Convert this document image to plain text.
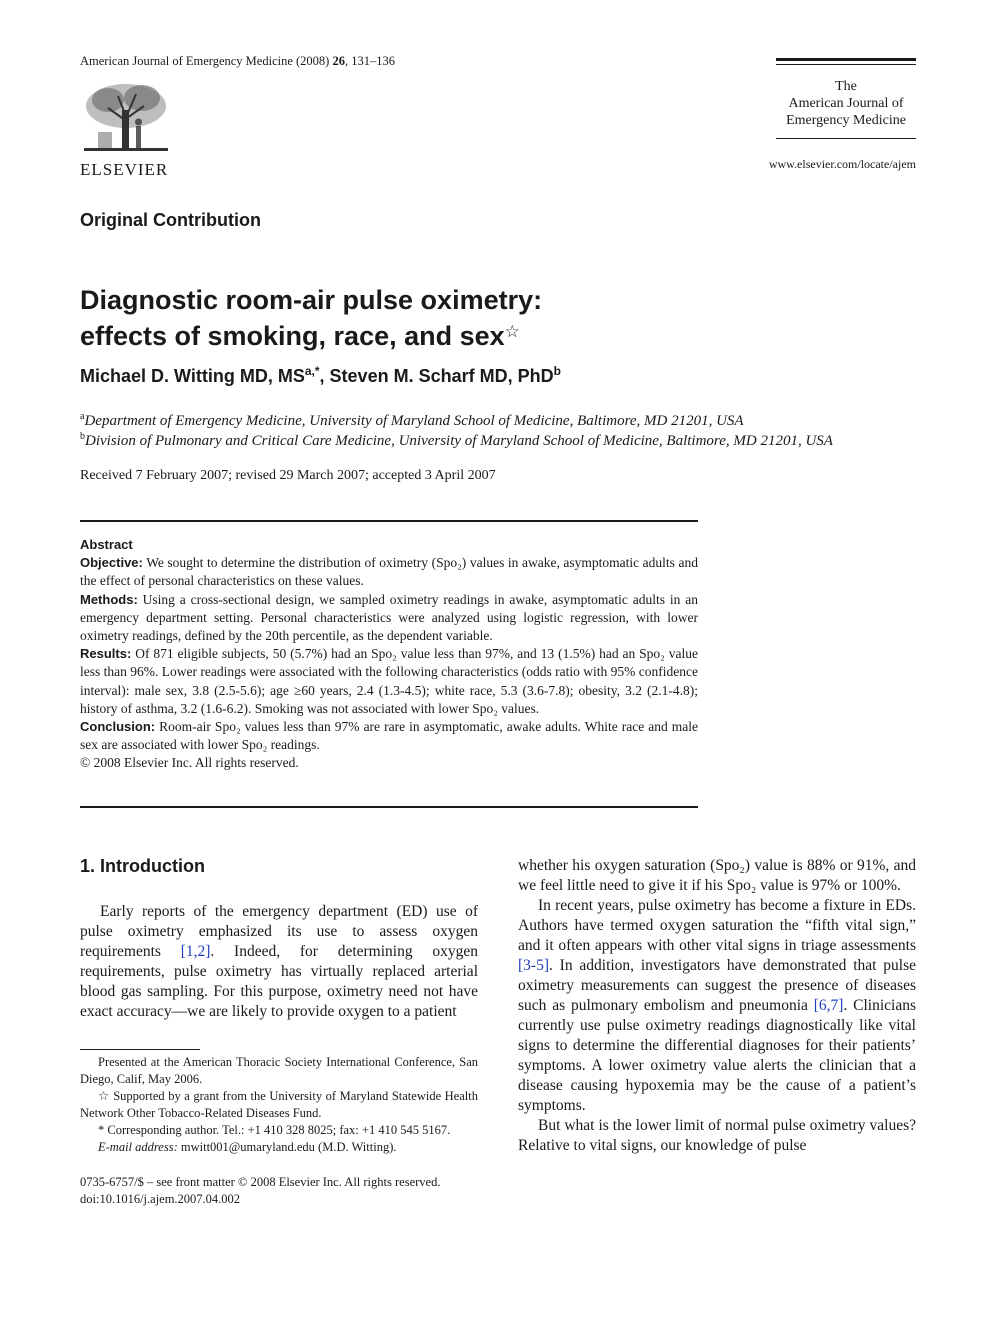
American Journal of Emergency Medicine (2008) 26, 131–136
ELSEVIER
The
American Journal of
Emergency Medicine
www.elsevier.com/locate/ajem
Original Contribution
Diagnostic room-air pulse oximetry:
effects of smoking, race, and sex☆
Michael D. Witting MD, $MS^{a,*}$, Steven M. Scharf MD, PhD$^b$
$^a$Department of Emergency Medicine, University of Maryland School of Medicine, Baltimore, MD 21201, USA
$^b$Division of Pulmonary and Critical Care Medicine, University of Maryland School of Medicine, Baltimore, MD 21201, USA
Received 7 February 2007; revised 29 March 2007; accepted 3 April 2007

Abstract

Objective: We sought to determine the distribution of oximetry (Spo₂) values in awake, asymptomatic adults and the effect of personal characteristics on these values.

Methods: Using a cross-sectional design, we sampled oximetry readings in awake, asymptomatic adults in an emergency department setting. Personal characteristics were analyzed using logistic regression, with lower oximetry readings, defined by the 20th percentile, as the dependent variable.

Results: Of 871 eligible subjects, 50 (5.7%) had an Spo₂ value less than 97%, and 13 (1.5%) had an Spo₂ value less than 96%. Lower readings were associated with the following characteristics (odds ratio with 95% confidence interval): male sex, 3.8 (2.5-5.6); age ≥60 years, 2.4 (1.3-4.5); white race, 5.3 (3.6-7.8); obesity, 3.2 (2.1-4.8); history of asthma, 3.2 (1.6-6.2). Smoking was not associated with lower Spo₂ values.

Conclusion: Room-air Spo₂ values less than 97% are rare in asymptomatic, awake adults. White race and male sex are associated with lower Spo₂ readings.

© 2008 Elsevier Inc. All rights reserved.

1. Introduction

Early reports of the emergency department (ED) use of pulse oximetry emphasized its use to assess oxygen requirements [1,2]. Indeed, for determining oxygen requirements, pulse oximetry has virtually replaced arterial blood gas sampling. For this purpose, oximetry need not have exact accuracy—we are likely to provide oxygen to a patient

whether his oxygen saturation (Spo₂) value is 88% or 91%, and we feel little need to give it if his Spo₂ value is 97% or 100%.

In recent years, pulse oximetry has become a fixture in EDs. Authors have termed oxygen saturation the “fifth vital sign,” and it often appears with other vital signs in triage assessments [3-5]. In addition, investigators have demonstrated that pulse oximetry measurements can suggest the presence of diseases such as pulmonary embolism and pneumonia [6,7]. Clinicians currently use pulse oximetry readings diagnostically like vital signs to determine the differential diagnoses for their patients’ symptoms. A lower oximetry value alerts the clinician that a disease causing hypoxemia may be the cause of a patient’s symptoms.

But what is the lower limit of normal pulse oximetry values? Relative to vital signs, our knowledge of pulse

Presented at the American Thoracic Society International Conference, San Diego, Calif, May 2006.

☆ Supported by a grant from the University of Maryland Statewide Health Network Other Tobacco-Related Diseases Fund.

* Corresponding author. Tel.: +1 410 328 8025; fax: +1 410 545 5167.

E-mail address: mwitt001@umaryland.edu (M.D. Witting).

0735-6757/$ – see front matter © 2008 Elsevier Inc. All rights reserved.
doi:10.1016/j.ajem.2007.04.002
